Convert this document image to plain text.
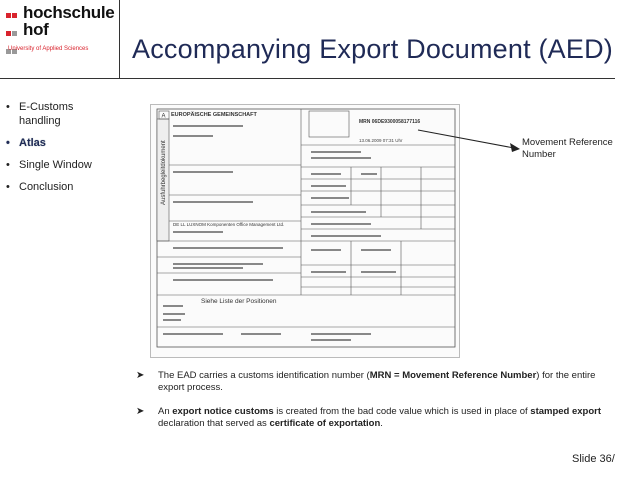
hochschule
hof
University of Applied Sciences Accompanying Export Document (AED)
• E-Customs handling
• Atlas
• Single Window
• Conclusion	Ausfuhrbegleitdokument
EUROPÄISCHE GEMEINSCHAFT
A
MRN 06DE9300058177116
13.06.2009 07:31 Uhr
DE LL LUXNOM Komponenten Office Management Ltd.
Siehe Liste der Positionen
Movement Reference Number
➤ The EAD carries a customs identification number (MRN = Movement Reference Number) for the entire export process.
➤ An export notice customs is created from the bad code value which is used in place of stamped export declaration that served as certificate of exportation.
Slide 36/
